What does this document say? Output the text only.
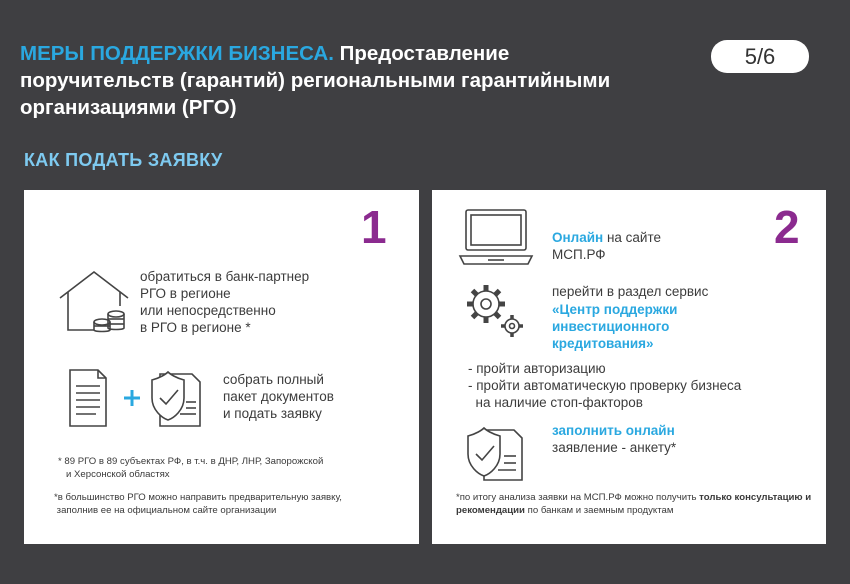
МЕРЫ ПОДДЕРЖКИ БИЗНЕСА. Предоставление поручительств (гарантий) региональными гарантийными организациями (РГО)
5/6
КАК ПОДАТЬ ЗАЯВКУ
1
обратиться в банк-партнер
РГО в регионе
или непосредственно
в РГО в регионе *
собрать полный
пакет документов
и подать заявку
* 89 РГО в 89 субъектах РФ, в т.ч. в ДНР, ЛНР, Запорожской
и Херсонской областях
*в большинство РГО можно направить предварительную заявку,
заполнив ее на официальном сайте организации
2
Онлайн на сайте
МСП.РФ
перейти в раздел сервис
«Центр поддержки
инвестиционного
кредитования»
- пройти авторизацию
- пройти автоматическую проверку бизнеса
на наличие стоп-факторов
заполнить онлайн
заявление - анкету*
*по итогу анализа заявки на МСП.РФ можно получить только консультацию и рекомендации по банкам и заемным продуктам
